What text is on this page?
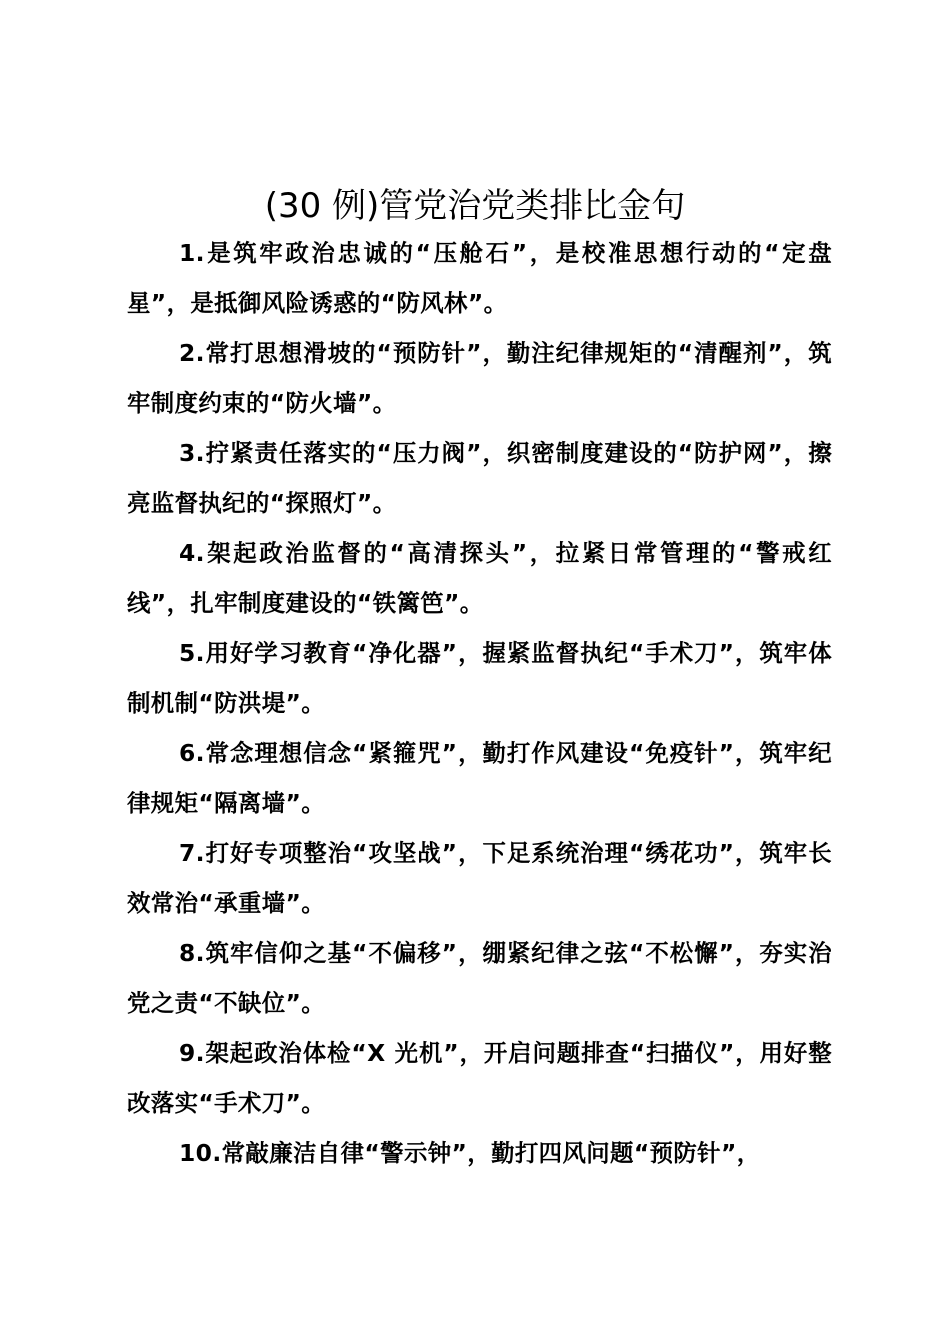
(30 例)管党治党类排比金句

1.是筑牢政治忠诚的“压舱石”，是校准思想行动的“定盘星”，是抵御风险诱惑的“防风林”。

2.常打思想滑坡的“预防针”，勤注纪律规矩的“清醒剂”，筑牢制度约束的“防火墙”。

3.拧紧责任落实的“压力阀”，织密制度建设的“防护网”，擦亮监督执纪的“探照灯”。

4.架起政治监督的“高清探头”，拉紧日常管理的“警戒红线”，扎牢制度建设的“铁篱笆”。

5.用好学习教育“净化器”，握紧监督执纪“手术刀”，筑牢体制机制“防洪堤”。

6.常念理想信念“紧箍咒”，勤打作风建设“免疫针”，筑牢纪律规矩“隔离墙”。

7.打好专项整治“攻坚战”，下足系统治理“绣花功”，筑牢长效常治“承重墙”。

8.筑牢信仰之基“不偏移”，绷紧纪律之弦“不松懈”，夯实治党之责“不缺位”。

9.架起政治体检“X 光机”，开启问题排查“扫描仪”，用好整改落实“手术刀”。

10.常敲廉洁自律“警示钟”，勤打四风问题“预防针”，
